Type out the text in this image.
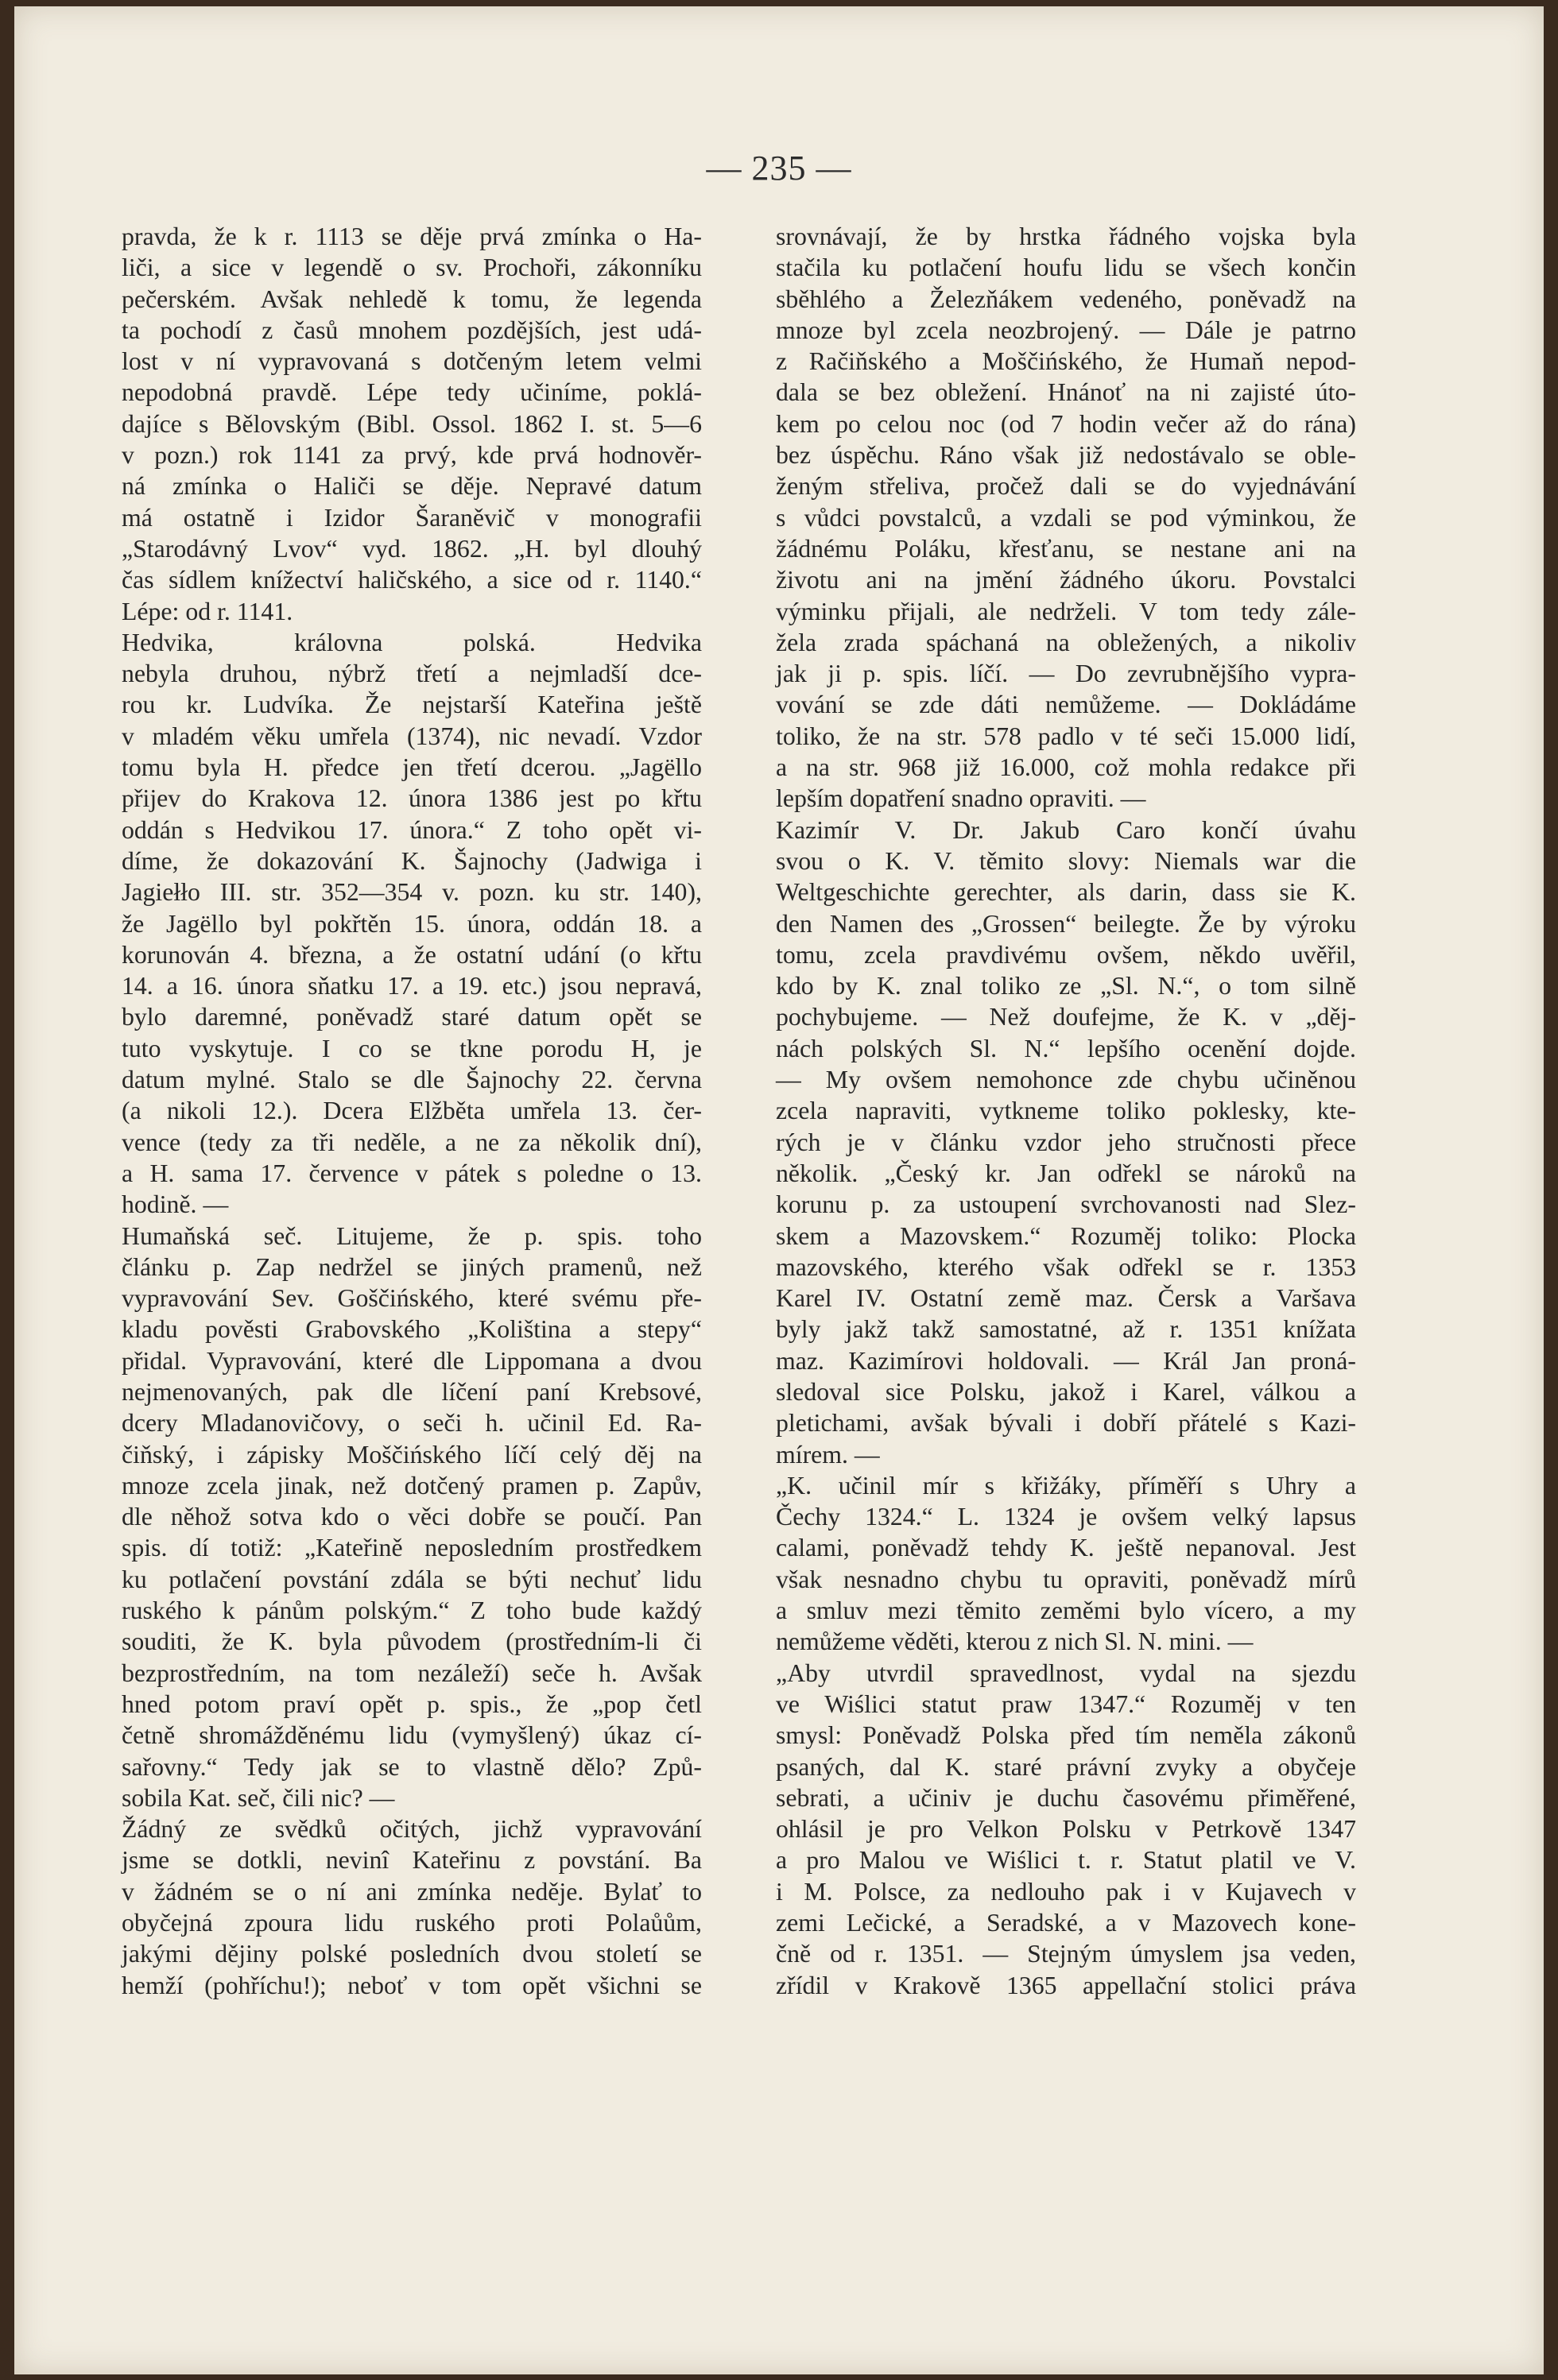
— 235 —

pravda, že k r. 1113 se děje prvá zmínka o Ha-

liči, a sice v legendě o sv. Prochoři, zákonníku

pečerském. Avšak nehledě k tomu, že legenda

ta pochodí z časů mnohem pozdějších, jest udá-

lost v ní vypravovaná s dotčeným letem velmi

nepodobná pravdě. Lépe tedy učiníme, poklá-

dajíce s Bělovským (Bibl. Ossol. 1862 I. st. 5—6

v pozn.) rok 1141 za prvý, kde prvá hodnověr-

ná zmínka o Haliči se děje. Nepravé datum

má ostatně i Izidor Šaraněvič v monografii

„Starodávný Lvov“ vyd. 1862. „H. byl dlouhý

čas sídlem knížectví haličského, a sice od r. 1140.“

Lépe: od r. 1141.

Hedvika, královna polská. Hedvika

nebyla druhou, nýbrž třetí a nejmladší dce-

rou kr. Ludvíka. Že nejstarší Kateřina ještě

v mladém věku umřela (1374), nic nevadí. Vzdor

tomu byla H. předce jen třetí dcerou. „Jagëllo

přijev do Krakova 12. února 1386 jest po křtu

oddán s Hedvikou 17. února.“ Z toho opět vi-

díme, že dokazování K. Šajnochy (Jadwiga i

Jagiełło III. str. 352—354 v. pozn. ku str. 140),

že Jagëllo byl pokřtěn 15. února, oddán 18. a

korunován 4. března, a že ostatní udání (o křtu

14. a 16. února sňatku 17. a 19. etc.) jsou nepravá,

bylo daremné, poněvadž staré datum opět se

tuto vyskytuje. I co se tkne porodu H, je

datum mylné. Stalo se dle Šajnochy 22. června

(a nikoli 12.). Dcera Elžběta umřela 13. čer-

vence (tedy za tři neděle, a ne za několik dní),

a H. sama 17. července v pátek s poledne o 13.

hodině. —

Humaňská seč. Litujeme, že p. spis. toho

článku p. Zap nedržel se jiných pramenů, než

vypravování Sev. Goščińského, které svému pře-

kladu pověsti Grabovského „Koliština a stepy“

přidal. Vypravování, které dle Lippomana a dvou

nejmenovaných, pak dle líčení paní Krebsové,

dcery Mladanovičovy, o seči h. učinil Ed. Ra-

čiňský, i zápisky Moščińského líčí celý děj na

mnoze zcela jinak, než dotčený pramen p. Zapův,

dle něhož sotva kdo o věci dobře se poučí. Pan

spis. dí totiž: „Kateřině neposledním prostředkem

ku potlačení povstání zdála se býti nechuť lidu

ruského k pánům polským.“ Z toho bude každý

souditi, že K. byla původem (prostředním-li či

bezprostředním, na tom nezáleží) seče h. Avšak

hned potom praví opět p. spis., že „pop četl

četně shromážděnému lidu (vymyšlený) úkaz cí-

sařovny.“ Tedy jak se to vlastně dělo? Způ-

sobila Kat. seč, čili nic? —

Žádný ze svědků očitých, jichž vypravování

jsme se dotkli, nevinî Kateřinu z povstání. Ba

v žádném se o ní ani zmínka neděje. Bylať to

obyčejná zpoura lidu ruského proti Polaůům,

jakými dějiny polské posledních dvou století se

hemží (pohříchu!); neboť v tom opět všichni se

srovnávají, že by hrstka řádného vojska byla

stačila ku potlačení houfu lidu se všech končin

sběhlého a Železňákem vedeného, poněvadž na

mnoze byl zcela neozbrojený. — Dále je patrno

z Račiňského a Moščińského, že Humaň nepod-

dala se bez obležení. Hnánoť na ni zajisté úto-

kem po celou noc (od 7 hodin večer až do rána)

bez úspěchu. Ráno však již nedostávalo se oble-

ženým střeliva, pročež dali se do vyjednávání

s vůdci povstalců, a vzdali se pod výminkou, že

žádnému Poláku, křesťanu, se nestane ani na

životu ani na jmění žádného úkoru. Povstalci

výminku přijali, ale nedrželi. V tom tedy zále-

žela zrada spáchaná na obležených, a nikoliv

jak ji p. spis. líčí. — Do zevrubnějšího vypra-

vování se zde dáti nemůžeme. — Dokládáme

toliko, že na str. 578 padlo v té seči 15.000 lidí,

a na str. 968 již 16.000, což mohla redakce při

lepším dopatření snadno opraviti. —

Kazimír V. Dr. Jakub Caro končí úvahu

svou o K. V. těmito slovy: Niemals war die

Weltgeschichte gerechter, als darin, dass sie K.

den Namen des „Grossen“ beilegte. Že by výroku

tomu, zcela pravdivému ovšem, někdo uvěřil,

kdo by K. znal toliko ze „Sl. N.“, o tom silně

pochybujeme. — Než doufejme, že K. v „děj-

nách polských Sl. N.“ lepšího ocenění dojde.

— My ovšem nemohonce zde chybu učiněnou

zcela napraviti, vytkneme toliko poklesky, kte-

rých je v článku vzdor jeho stručnosti přece

několik. „Český kr. Jan odřekl se nároků na

korunu p. za ustoupení svrchovanosti nad Slez-

skem a Mazovskem.“ Rozuměj toliko: Plocka

mazovského, kterého však odřekl se r. 1353

Karel IV. Ostatní země maz. Čersk a Varšava

byly jakž takž samostatné, až r. 1351 knížata

maz. Kazimírovi holdovali. — Král Jan proná-

sledoval sice Polsku, jakož i Karel, válkou a

pletichami, avšak bývali i dobří přátelé s Kazi-

mírem. —

„K. učinil mír s křižáky, příměří s Uhry a

Čechy 1324.“ L. 1324 je ovšem velký lapsus

calami, poněvadž tehdy K. ještě nepanoval. Jest

však nesnadno chybu tu opraviti, poněvadž mírů

a smluv mezi těmito zeměmi bylo vícero, a my

nemůžeme věděti, kterou z nich Sl. N. mini. —

„Aby utvrdil spravedlnost, vydal na sjezdu

ve Wiślici statut praw 1347.“ Rozuměj v ten

smysl: Poněvadž Polska před tím neměla zákonů

psaných, dal K. staré právní zvyky a obyčeje

sebrati, a učiniv je duchu časovému přiměřené,

ohlásil je pro Velkon Polsku v Petrkově 1347

a pro Malou ve Wiślici t. r. Statut platil ve V.

i M. Polsce, za nedlouho pak i v Kujavech v

zemi Lečické, a Seradské, a v Mazovech kone-

čně od r. 1351. — Stejným úmyslem jsa veden,

zřídil v Krakově 1365 appellační stolici práva
